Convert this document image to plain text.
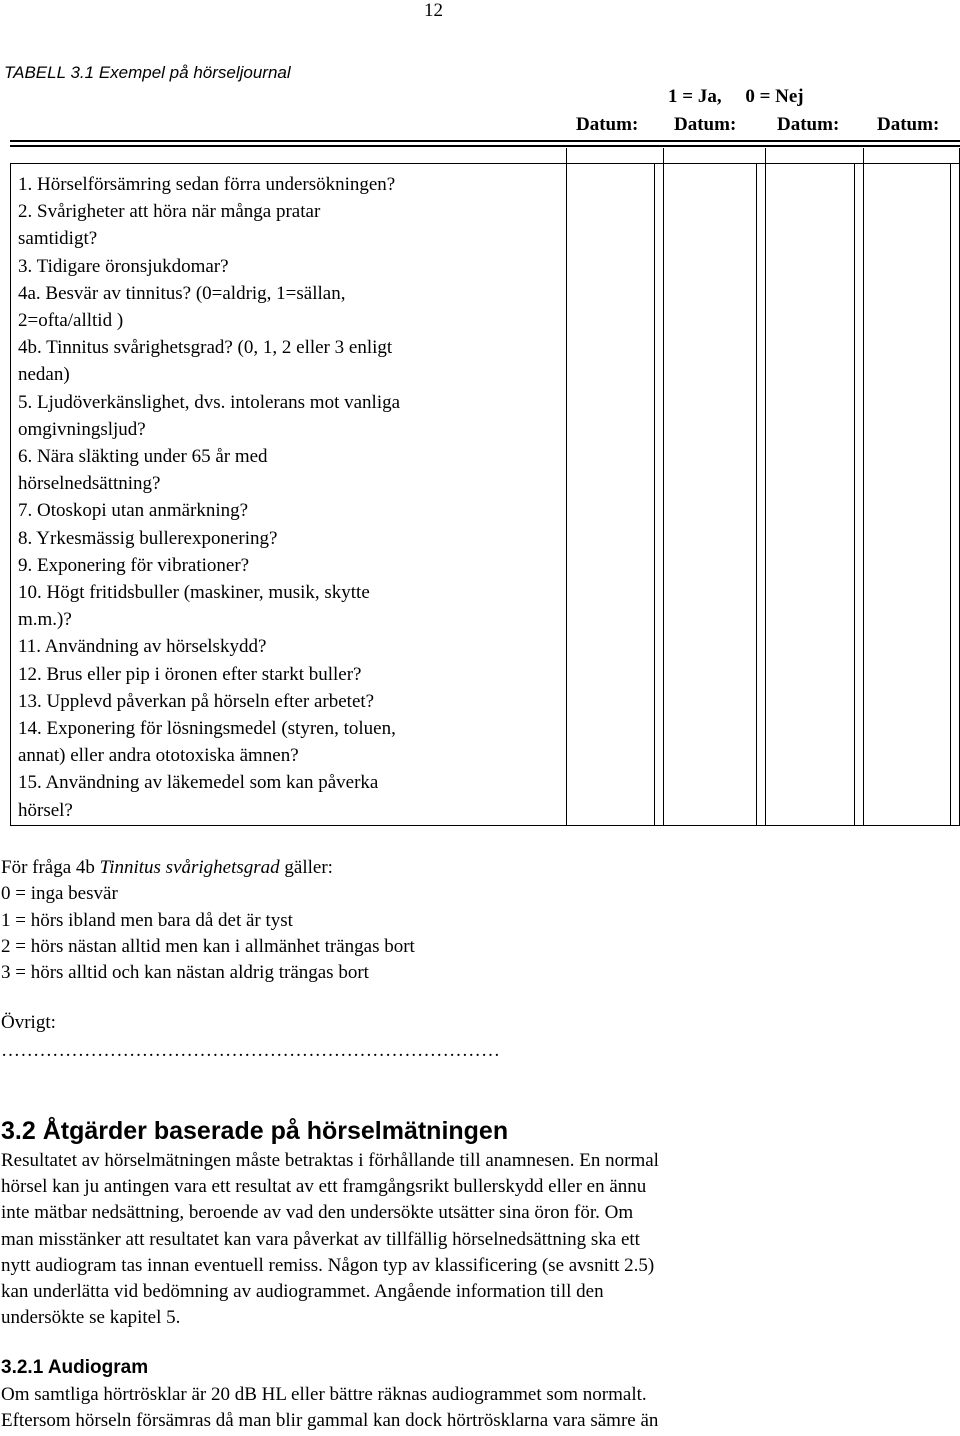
12
TABELL 3.1 Exempel på hörseljournal
1 = Ja,     0 = Nej
Datum: Datum: Datum: Datum:

1. Hörselförsämring sedan förra undersökningen?

2. Svårigheter att höra när många pratar

samtidigt?

3. Tidigare öronsjukdomar?

4a. Besvär av tinnitus? (0=aldrig, 1=sällan,

2=ofta/alltid )

4b. Tinnitus svårighetsgrad? (0, 1, 2 eller 3 enligt

nedan)

5. Ljudöverkänslighet, dvs. intolerans mot vanliga

omgivningsljud?

6. Nära släkting under 65 år med

hörselnedsättning?

7. Otoskopi utan anmärkning?

8. Yrkesmässig bullerexponering?

9. Exponering för vibrationer?

10. Högt fritidsbuller (maskiner, musik, skytte

m.m.)?

11. Användning av hörselskydd?

12. Brus eller pip i öronen efter starkt buller?

13. Upplevd påverkan på hörseln efter arbetet?

14. Exponering för lösningsmedel (styren, toluen,

annat) eller andra ototoxiska ämnen?

15. Användning av läkemedel som kan påverka

hörsel?

För fråga 4b Tinnitus svårighetsgrad gäller:

0 = inga besvär

1 = hörs ibland men bara då det är tyst

2 = hörs nästan alltid men kan i allmänhet trängas bort

3 = hörs alltid och kan nästan aldrig trängas bort

Övrigt:
……………………………………………………………………
3.2 Åtgärder baserade på hörselmätningen

Resultatet av hörselmätningen måste betraktas i förhållande till anamnesen. En normal

hörsel kan ju antingen vara ett resultat av ett framgångsrikt bullerskydd eller en ännu

inte mätbar nedsättning, beroende av vad den undersökte utsätter sina öron för. Om

man misstänker att resultatet kan vara påverkat av tillfällig hörselnedsättning ska ett

nytt audiogram tas innan eventuell remiss. Någon typ av klassificering (se avsnitt 2.5)

kan underlätta vid bedömning av audiogrammet. Angående information till den

undersökte se kapitel 5.

3.2.1 Audiogram

Om samtliga hörtrösklar är 20 dB HL eller bättre räknas audiogrammet som normalt.

Eftersom hörseln försämras då man blir gammal kan dock hörtrösklarna vara sämre än
